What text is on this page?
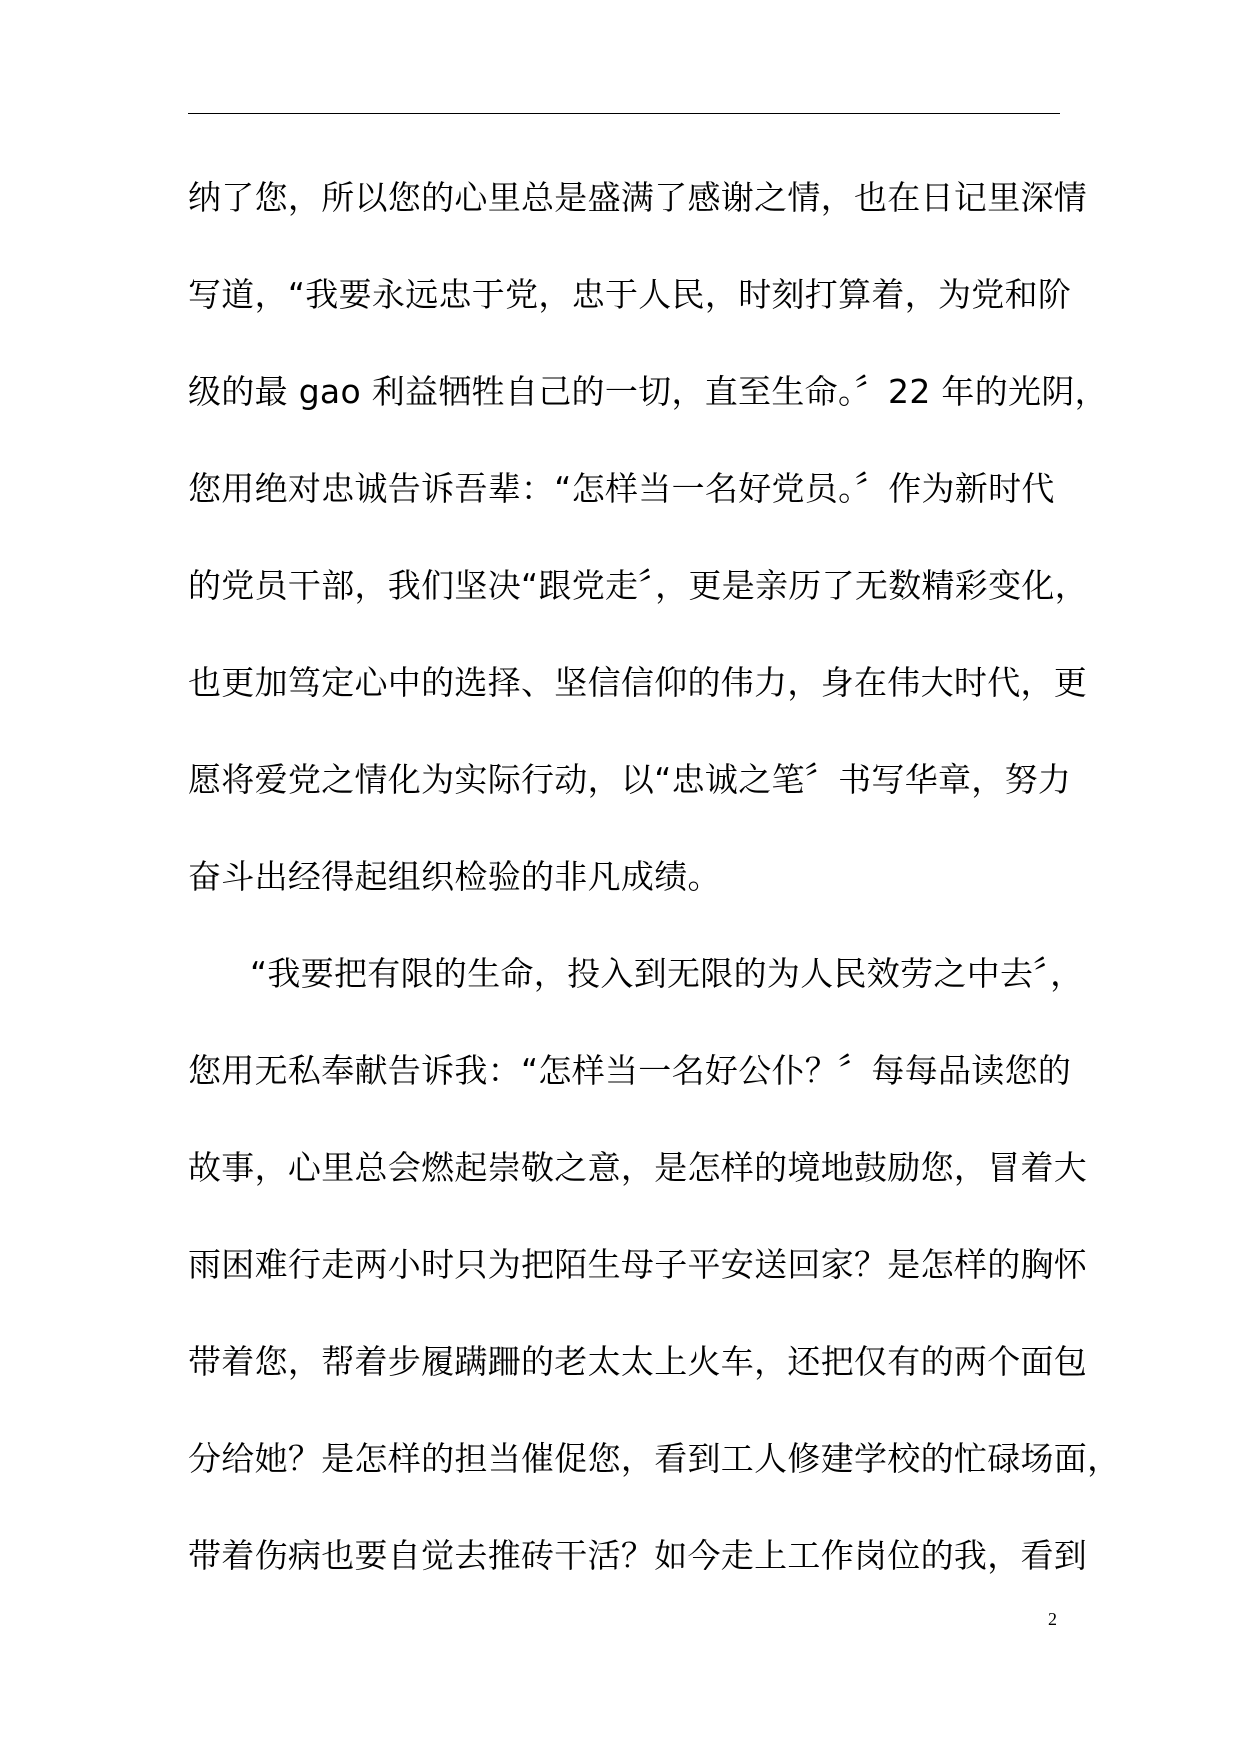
纳了您，所以您的心里总是盛满了感谢之情，也在日记里深情
写道，“我要永远忠于党，忠于人民，时刻打算着，为党和阶
级的最 gao 利益牺牲自己的一切，直至生命。〞22 年的光阴，
您用绝对忠诚告诉吾辈：“怎样当一名好党员。〞作为新时代
的党员干部，我们坚决“跟党走〞，更是亲历了无数精彩变化，
也更加笃定心中的选择、坚信信仰的伟力，身在伟大时代，更
愿将爱党之情化为实际行动，以“忠诚之笔〞书写华章，努力
奋斗出经得起组织检验的非凡成绩。
“我要把有限的生命，投入到无限的为人民效劳之中去〞，
您用无私奉献告诉我：“怎样当一名好公仆？〞每每品读您的
故事，心里总会燃起崇敬之意，是怎样的境地鼓励您，冒着大
雨困难行走两小时只为把陌生母子平安送回家？是怎样的胸怀
带着您，帮着步履蹒跚的老太太上火车，还把仅有的两个面包
分给她？是怎样的担当催促您，看到工人修建学校的忙碌场面，
带着伤病也要自觉去推砖干活？如今走上工作岗位的我，看到
2
